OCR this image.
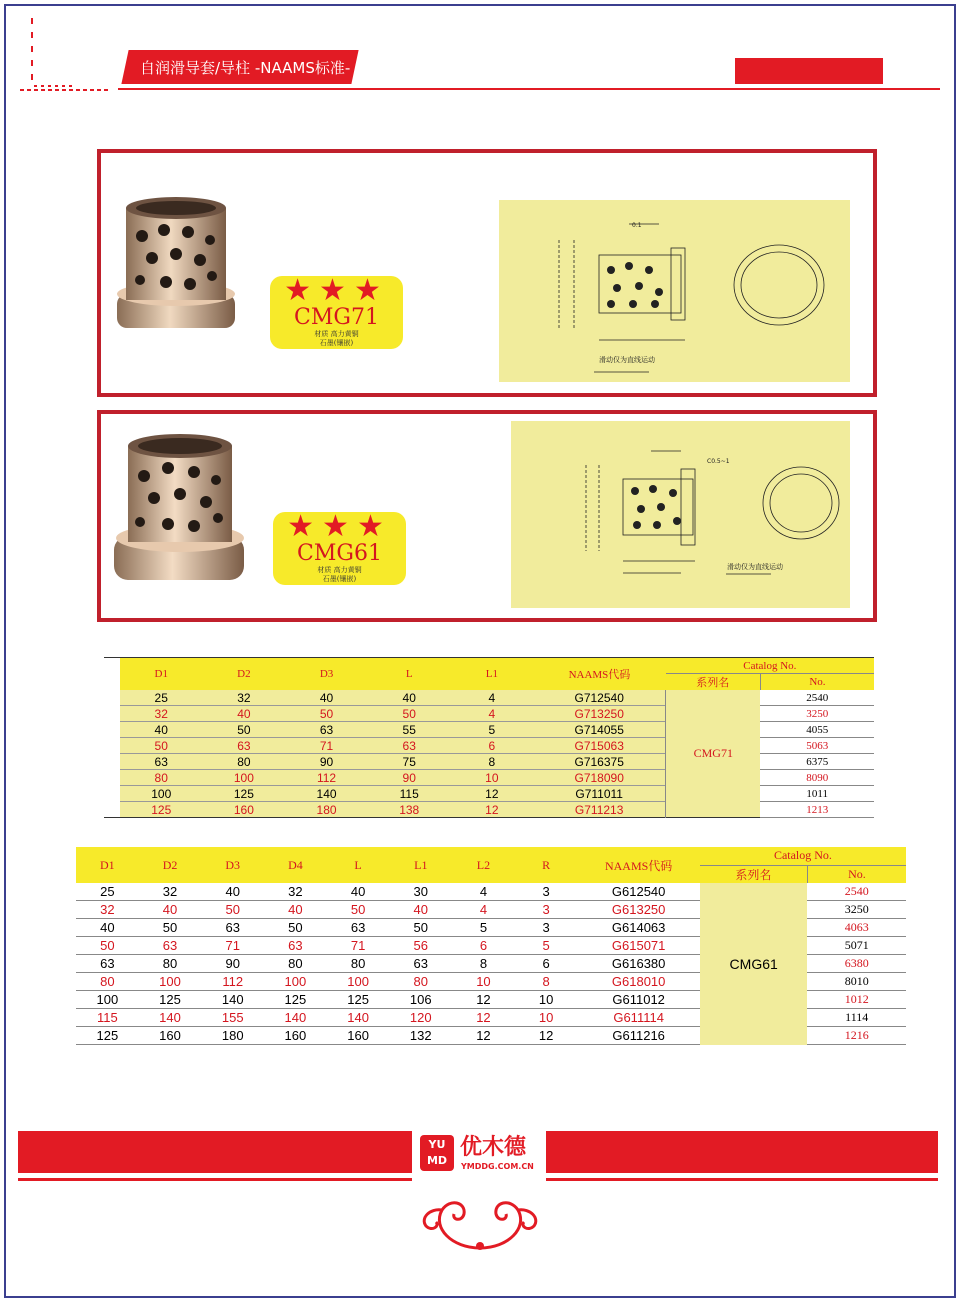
自润滑导套/导柱 -NAAMS标准-
★★★
CMG71
材质 高力黄铜
石墨(镶嵌)
0.1
滑动仅为直线运动
★★★
CMG61
材质 高力黄铜
石墨(镶嵌)
C0.5~1
滑动仅为直线运动
	D1	D2	D3	L	L1	NAAMS代码	Catalog No.	
							系列名	No.
	25	32	40	40	4	G712540	CMG71	2540
	32	40	50	50	4	G713250		3250
	40	50	63	55	5	G714055		4055
	50	63	71	63	6	G715063		5063
	63	80	90	75	8	G716375		6375
	80	100	112	90	10	G718090		8090
	100	125	140	115	12	G711011		1011
	125	160	180	138	12	G711213		1213

D1	D2	D3	D4	L	L1	L2	R	NAAMS代码	Catalog No.	
									系列名	No.
25	32	40	32	40	30	4	3	G612540	CMG61	2540
32	40	50	40	50	40	4	3	G613250		3250
40	50	63	50	63	50	5	3	G614063		4063
50	63	71	63	71	56	6	5	G615071		5071
63	80	90	80	80	63	8	6	G616380		6380
80	100	112	100	100	80	10	8	G618010		8010
100	125	140	125	125	106	12	10	G611012		1012
115	140	155	140	140	120	12	10	G611114		1114
125	160	180	160	160	132	12	12	G611216		1216
YU
MD
优木德
YMDDG.COM.CN
